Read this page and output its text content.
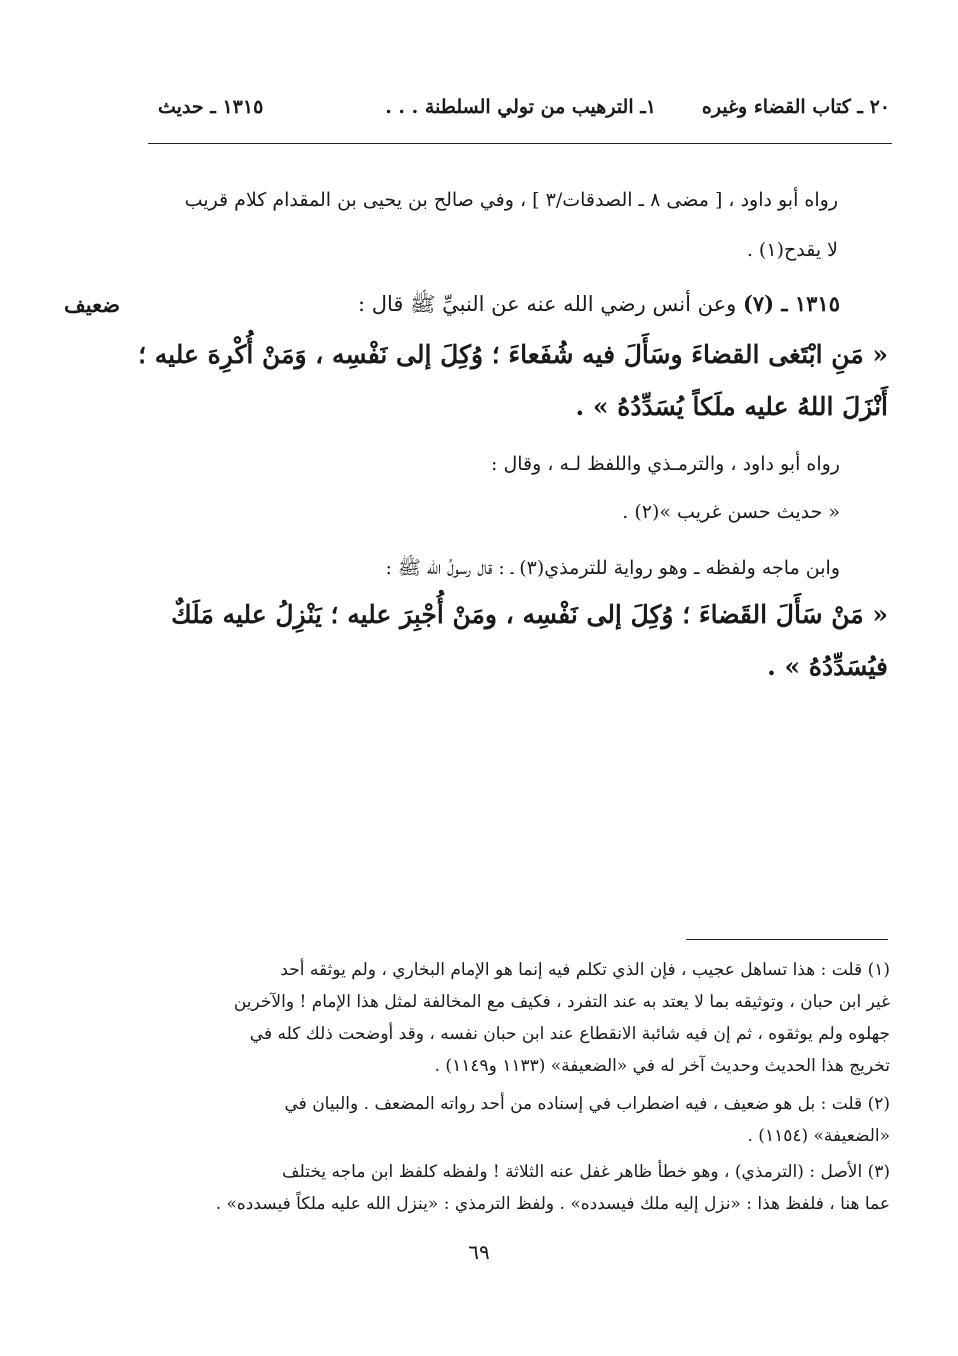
٢٠ ـ كتاب القضاء وغيره
١ـ الترهيب من تولي السلطنة . . .
١٣١٥ ـ حديث
رواه أبو داود ، [ مضى ٨ ـ الصدقات/٣ ] ، وفي صالح بن يحيى بن المقدام كلام قريب
لا يقدح(١) .
١٣١٥ ـ (٧) وعن أنس رضي الله عنه عن النبيِّ ﷺ قال :
ضعيف
« مَنِ ابْتَغى القضاءَ وسَأَلَ فيه شُفَعاءَ ؛ وُكِلَ إلى نَفْسِه ، وَمَنْ أُكْرِهَ عليه ؛
أَنْزَلَ اللهُ عليه ملَكاً يُسَدِّدُهُ » .
رواه أبو داود ، والترمـذي واللفظ لـه ، وقال :
« حديث حسن غريب »(٢) .
وابن ماجه ولفظه ـ وهو رواية للترمذي(٣) ـ : قال رسولُ الله ﷺ :
« مَنْ سَأَلَ القَضاءَ ؛ وُكِلَ إلى نَفْسِه ، ومَنْ أُجْبِرَ عليه ؛ يَنْزِلُ عليه مَلَكٌ
فيُسَدِّدُهُ » .
(١) قلت : هذا تساهل عجيب ، فإن الذي تكلم فيه إنما هو الإمام البخاري ، ولم يوثقه أحد
غير ابن حبان ، وتوثيقه بما لا يعتد به عند التفرد ، فكيف مع المخالفة لمثل هذا الإمام ! والآخرين
جهلوه ولم يوثقوه ، ثم إن فيه شائبة الانقطاع عند ابن حبان نفسه ، وقد أوضحت ذلك كله في
تخريج هذا الحديث وحديث آخر له في «الضعيفة» (١١٣٣ و١١٤٩) .
(٢) قلت : بل هو ضعيف ، فيه اضطراب في إسناده من أحد رواته المضعف . والبيان في
«الضعيفة» (١١٥٤) .
(٣) الأصل : (الترمذي) ، وهو خطأ ظاهر غفل عنه الثلاثة ! ولفظه كلفظ ابن ماجه يختلف
عما هنا ، فلفظ هذا : «نزل إليه ملك فيسدده» . ولفظ الترمذي : «ينزل الله عليه ملكاً فيسدده» .
٦٩
